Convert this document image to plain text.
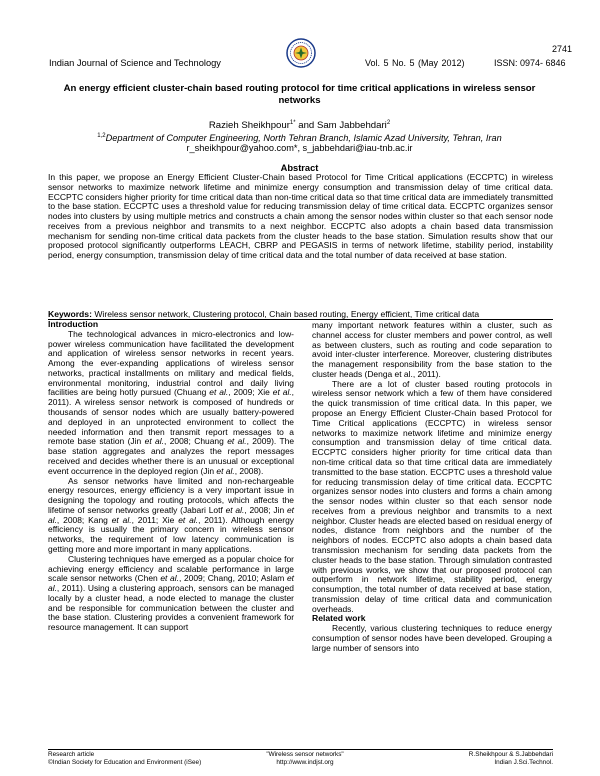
2741
Indian Journal of Science and Technology	Vol. 5 No. 5 (May 2012)	ISSN: 0974- 6846
An energy efficient cluster-chain based routing protocol for time critical applications in wireless sensor networks
Razieh Sheikhpour$^{1*}$ and Sam Jabbehdari$^2$
$^{1,2}$Department of Computer Engineering, North Tehran Branch, Islamic Azad University, Tehran, Iran
r_sheikhpour@yahoo.com*, s_jabbehdari@iau-tnb.ac.ir
Abstract
In this paper, we propose an Energy Efficient Cluster-Chain based Protocol for Time Critical applications (ECCPTC) in wireless sensor networks to maximize network lifetime and minimize energy consumption and transmission delay of time critical data. ECCPTC considers higher priority for time critical data than non-time critical data so that time critical data are immediately transmitted to the base station. ECCPTC uses a threshold value for reducing transmission delay of time critical data. ECCPTC organizes sensor nodes into clusters by using multiple metrics and constructs a chain among the sensor nodes within cluster so that each sensor node receives from a previous neighbor and transmits to a next neighbor. ECCPTC also adopts a chain based data transmission mechanism for sending non-time critical data packets from the cluster heads to the base station. Simulation results show that our proposed protocol significantly outperforms LEACH, CBRP and PEGASIS in terms of network lifetime, stability period, instability period, energy consumption, transmission delay of time critical data and the total number of data received at base station.
Keywords: Wireless sensor network, Clustering protocol, Chain based routing, Energy efficient, Time critical data
Introduction

The technological advances in micro-electronics and low-power wireless communication have facilitated the development and application of wireless sensor networks in recent years. Among the ever-expanding applications of wireless sensor networks, practical installments on military and medical fields, environmental monitoring, industrial control and daily living facilities are being hotly pursued (Chuang et al., 2009; Xie et al., 2011). A wireless sensor network is composed of hundreds or thousands of sensor nodes which are usually battery-powered and deployed in an unprotected environment to collect the needed information and then transmit report messages to a remote base station (Jin et al., 2008; Chuang et al., 2009). The base station aggregates and analyzes the report messages received and decides whether there is an unusual or exceptional event occurrence in the deployed region (Jin et al., 2008).

As sensor networks have limited and non-rechargeable energy resources, energy efficiency is a very important issue in designing the topology and routing protocols, which affects the lifetime of sensor networks greatly (Jabari Lotf et al., 2008; Jin et al., 2008; Kang et al., 2011; Xie et al., 2011). Although energy efficiency is usually the primary concern in wireless sensor networks, the requirement of low latency communication is getting more and more important in many applications.

Clustering techniques have emerged as a popular choice for achieving energy efficiency and scalable performance in large scale sensor networks (Chen et al., 2009; Chang, 2010; Aslam et al., 2011). Using a clustering approach, sensors can be managed locally by a cluster head, a node elected to manage the cluster and be responsible for communication between the cluster and the base station. Clustering provides a convenient framework for resource management. It can support

many important network features within a cluster, such as channel access for cluster members and power control, as well as between clusters, such as routing and code separation to avoid inter-cluster interference. Moreover, clustering distributes the management responsibility from the base station to the cluster heads (Denga et al., 2011).

There are a lot of cluster based routing protocols in wireless sensor network which a few of them have considered the quick transmission of time critical data. In this paper, we propose an Energy Efficient Cluster-Chain based Protocol for Time Critical applications (ECCPTC) in wireless sensor networks to maximize network lifetime and minimize energy consumption and transmission delay of time critical data. ECCPTC considers higher priority for time critical data than non-time critical data so that time critical data are immediately transmitted to the base station. ECCPTC uses a threshold value for reducing transmission delay of time critical data. ECCPTC organizes sensor nodes into clusters and forms a chain among the sensor nodes within cluster so that each sensor node receives from a previous neighbor and transmits to a next neighbor. Cluster heads are elected based on residual energy of nodes, distance from neighbors and the number of the neighbors of nodes. ECCPTC also adopts a chain based data transmission mechanism for sending data packets from the cluster heads to the base station. Through simulation contrasted with previous works, we show that our proposed protocol can outperform in network lifetime, stability period, energy consumption, the total number of data received at base station, transmission delay of time critical data and communication overheads.

Related work

Recently, various clustering techniques to reduce energy consumption of sensor nodes have been developed. Grouping a large number of sensors into

Research article
©Indian Society for Education and Environment (iSee)
"Wireless sensor networks"
http://www.indjst.org
R.Sheikhpour & S.Jabbehdari
Indian J.Sci.Technol.
